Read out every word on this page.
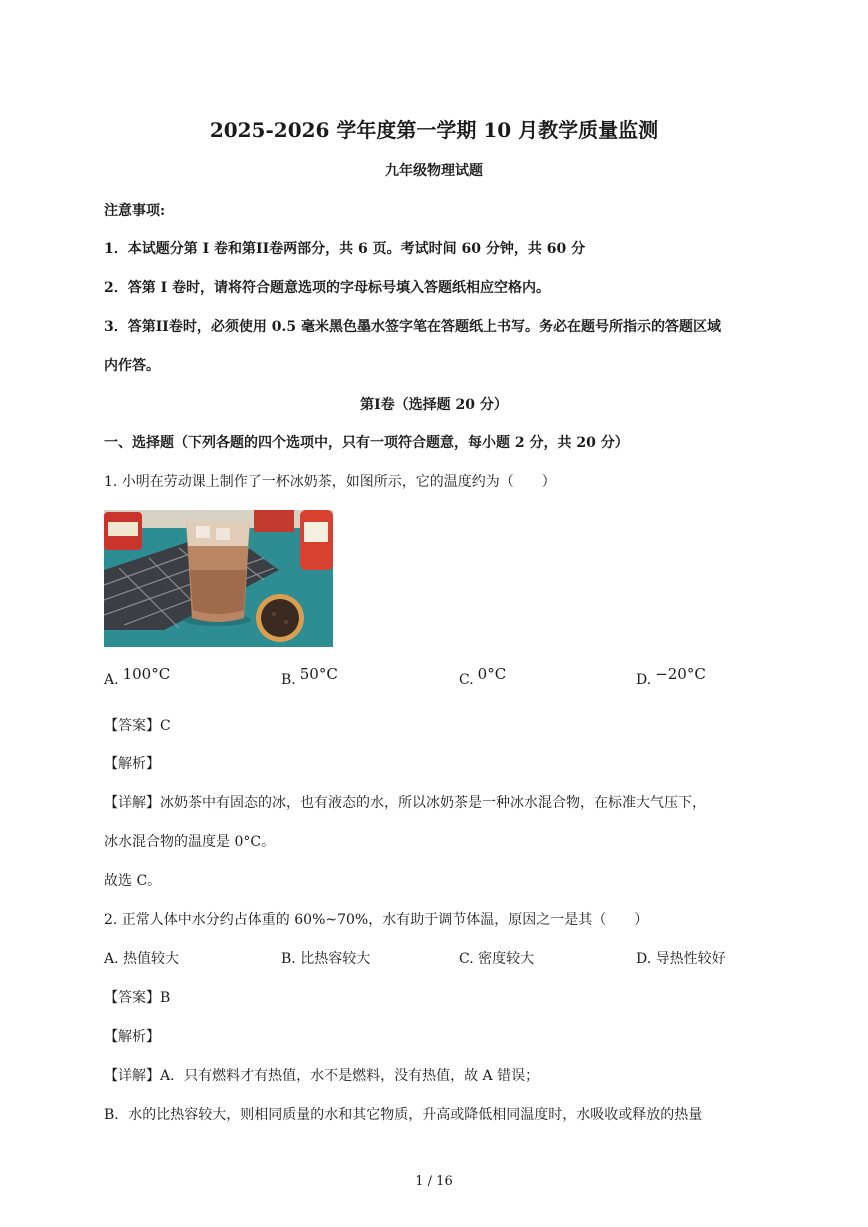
2025-2026 学年度第一学期 10 月教学质量监测
九年级物理试题
注意事项:
1．本试题分第 I 卷和第II卷两部分，共 6 页。考试时间 60 分钟，共 60 分
2．答第 I 卷时，请将符合题意选项的字母标号填入答题纸相应空格内。
3．答第II卷时，必须使用 0.5 毫米黑色墨水签字笔在答题纸上书写。务必在题号所指示的答题区域
内作答。
第Ⅰ卷（选择题 20 分）
一、选择题（下列各题的四个选项中，只有一项符合题意，每小题 2 分，共 20 分）
1. 小明在劳动课上制作了一杯冰奶茶，如图所示，它的温度约为（　　）
A. 100°C	B. 50°C	C. 0°C	D. −20°C
【答案】C
【解析】
【详解】冰奶茶中有固态的冰，也有液态的水，所以冰奶茶是一种冰水混合物，在标准大气压下，
冰水混合物的温度是 0°C。
故选 C。
2. 正常人体中水分约占体重的 60%~70%，水有助于调节体温，原因之一是其（　　）
A. 热值较大	B. 比热容较大	C. 密度较大	D. 导热性较好
【答案】B
【解析】
【详解】A．只有燃料才有热值，水不是燃料，没有热值，故 A 错误；
B．水的比热容较大，则相同质量的水和其它物质，升高或降低相同温度时，水吸收或释放的热量
1 / 16
